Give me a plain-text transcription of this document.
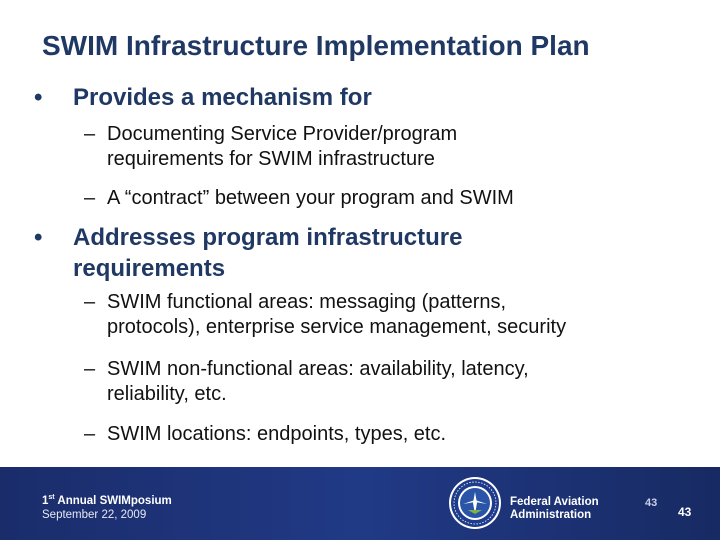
SWIM Infrastructure Implementation Plan
• Provides a mechanism for
– Documenting Service Provider/program
requirements for SWIM infrastructure
– A “contract” between your program and SWIM
• Addresses program infrastructure
requirements
– SWIM functional areas: messaging (patterns,
protocols), enterprise service management, security
– SWIM non-functional areas: availability, latency,
reliability, etc.
– SWIM locations: endpoints, types, etc.
1st Annual SWIMposium
September 22, 2009
Federal Aviation
Administration
43
43
